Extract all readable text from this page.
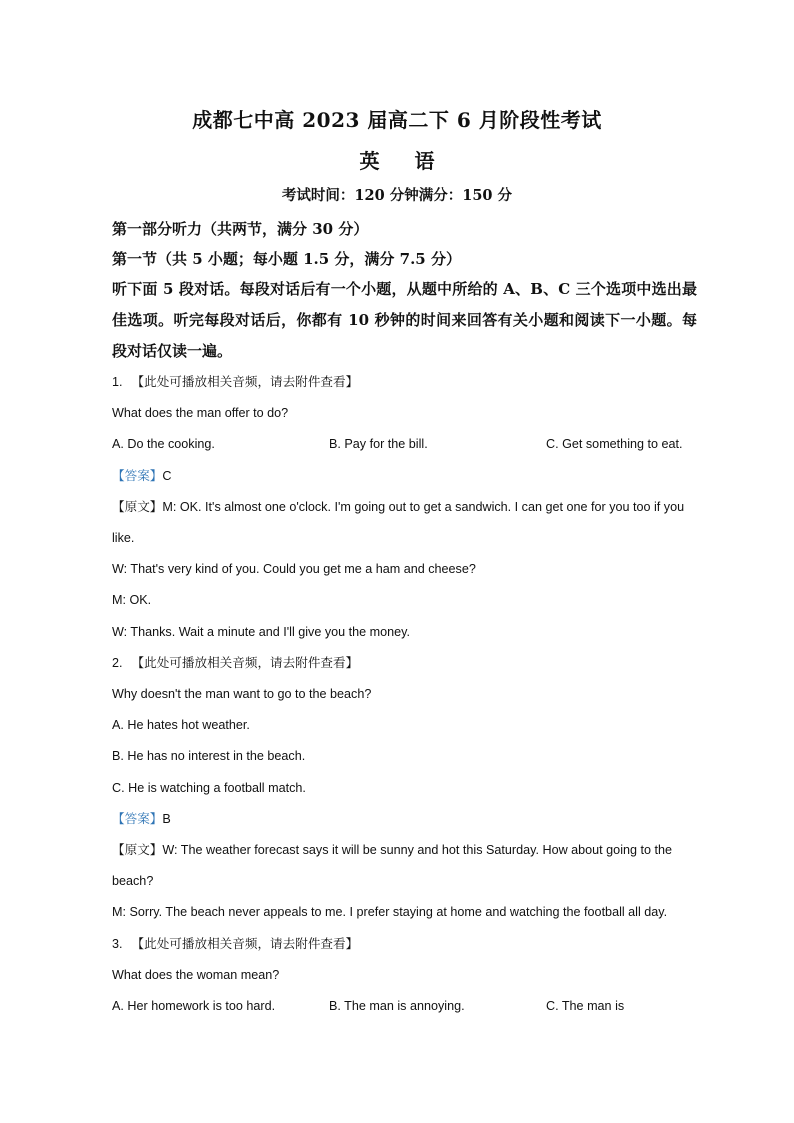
成都七中高 2023 届高二下 6 月阶段性考试
英 语
考试时间：120 分钟满分：150 分

第一部分听力（共两节，满分 30 分）

第一节（共 5 小题；每小题 1.5 分，满分 7.5 分）

听下面 5 段对话。每段对话后有一个小题，从题中所给的 A、B、C 三个选项中选出最佳选项。听完每段对话后，你都有 10 秒钟的时间来回答有关小题和阅读下一小题。每段对话仅读一遍。

1. 【此处可播放相关音频，请去附件查看】

What does the man offer to do?

A. Do the cooking.	B. Pay for the bill.	C. Get something to eat.

【答案】C

【原文】M: OK. It's almost one o'clock. I'm going out to get a sandwich. I can get one for you too if you like.

W: That's very kind of you. Could you get me a ham and cheese?

M: OK.

W: Thanks. Wait a minute and I'll give you the money.

2. 【此处可播放相关音频，请去附件查看】

Why doesn't the man want to go to the beach?

A. He hates hot weather.

B. He has no interest in the beach.

C. He is watching a football match.

【答案】B

【原文】W: The weather forecast says it will be sunny and hot this Saturday. How about going to the beach?

M: Sorry. The beach never appeals to me. I prefer staying at home and watching the football all day.

3. 【此处可播放相关音频，请去附件查看】

What does the woman mean?

A. Her homework is too hard.	B. The man is annoying.	C. The man is
